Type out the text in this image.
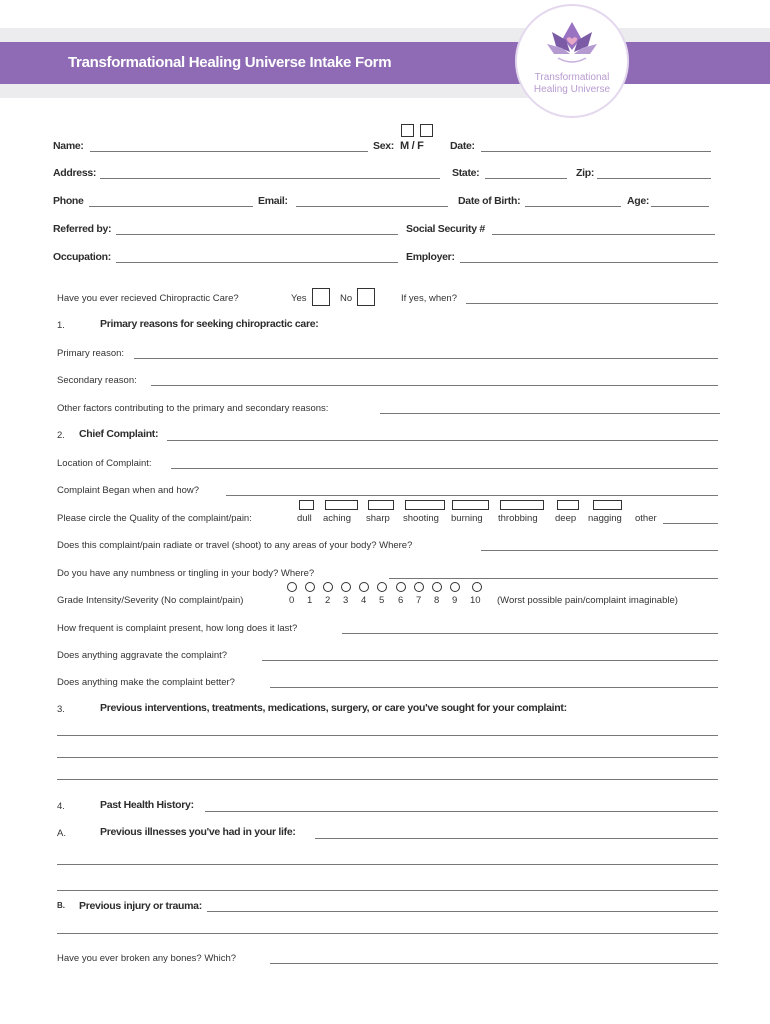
Transformational Healing Universe Intake Form
Transformational
Healing Universe
Name:	Sex: M / F	Date:
Address:	State:	Zip:
Phone	Email:	Date of Birth:	Age:
Referred by:	Social Security #
Occupation:	Employer:
Have you ever recieved Chiropractic Care?	Yes	No	If yes, when?
1.	Primary reasons for seeking chiropractic care:
Primary reason:
Secondary reason:
Other factors contributing to the primary and secondary reasons:
2. Chief Complaint:
Location of Complaint:
Complaint Began when and how?
Please circle the Quality of the complaint/pain:	dull aching sharp shooting burning throbbing deep nagging other
Does this complaint/pain radiate or travel (shoot) to any areas of your body? Where?
Do you have any numbness or tingling in your body? Where?
Grade Intensity/Severity (No complaint/pain)	0 1 2 3 4 5 6 7 8 9 10 (Worst possible pain/complaint imaginable)
How frequent is complaint present, how long does it last?
Does anything aggravate the complaint?
Does anything make the complaint better?
3.	Previous interventions, treatments, medications, surgery, or care you've sought for your complaint:
4.	Past Health History:
A.	Previous illnesses you've had in your life:
B. Previous injury or trauma:
Have you ever broken any bones? Which?
